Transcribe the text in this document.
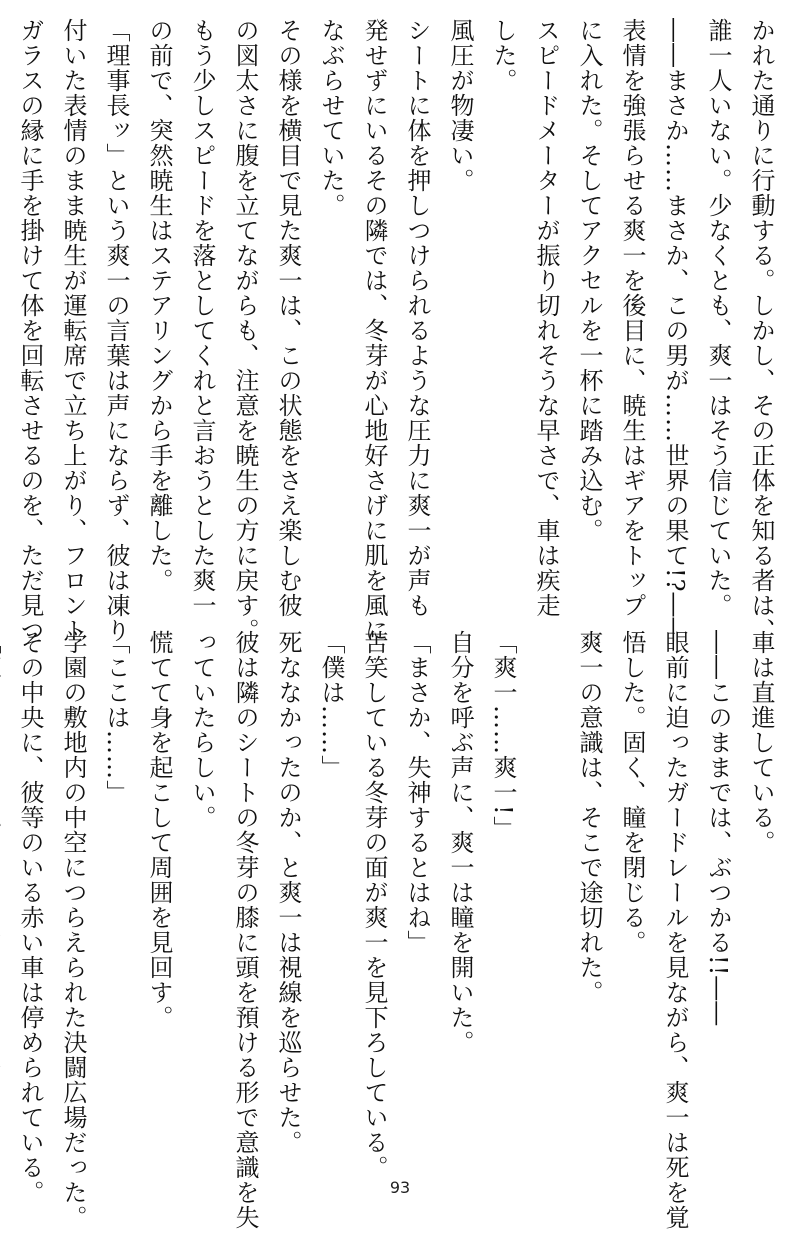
かれた通りに行動する。しかし、その正体を知る者は、
誰一人いない。少なくとも、爽一はそう信じていた。
――まさか……まさか、この男が……世界の果て!?――
表情を強張らせる爽一を後目に、暁生はギアをトップ
に入れた。そしてアクセルを一杯に踏み込む。
スピードメーターが振り切れそうな早さで、車は疾走
した。
風圧が物凄い。
シートに体を押しつけられるような圧力に爽一が声も
発せずにいるその隣では、冬芽が心地好さげに肌を風に
なぶらせていた。
その様を横目で見た爽一は、この状態をさえ楽しむ彼
の図太さに腹を立てながらも、注意を暁生の方に戻す。
もう少しスピードを落としてくれと言おうとした爽一
の前で、突然暁生はステアリングから手を離した。
「理事長ッ」という爽一の言葉は声にならず、彼は凍り
付いた表情のまま暁生が運転席で立ち上がり、フロント
ガラスの縁に手を掛けて体を回転させるのを、ただ見つ
車は直進している。
――このままでは、ぶつかる!!――
眼前に迫ったガードレールを見ながら、爽一は死を覚
悟した。固く、瞳を閉じる。
爽一の意識は、そこで途切れた。

「爽一……爽一!」
自分を呼ぶ声に、爽一は瞳を開いた。
「まさか、失神するとはね」
苦笑している冬芽の面が爽一を見下ろしている。
「僕は……」
死ななかったのか、と爽一は視線を巡らせた。
彼は隣のシートの冬芽の膝に頭を預ける形で意識を失
っていたらしい。
慌てて身を起こして周囲を見回す。
「ここは……」
学園の敷地内の中空につらえられた決闘広場だった。
その中央に、彼等のいる赤い車は停められている。	93
